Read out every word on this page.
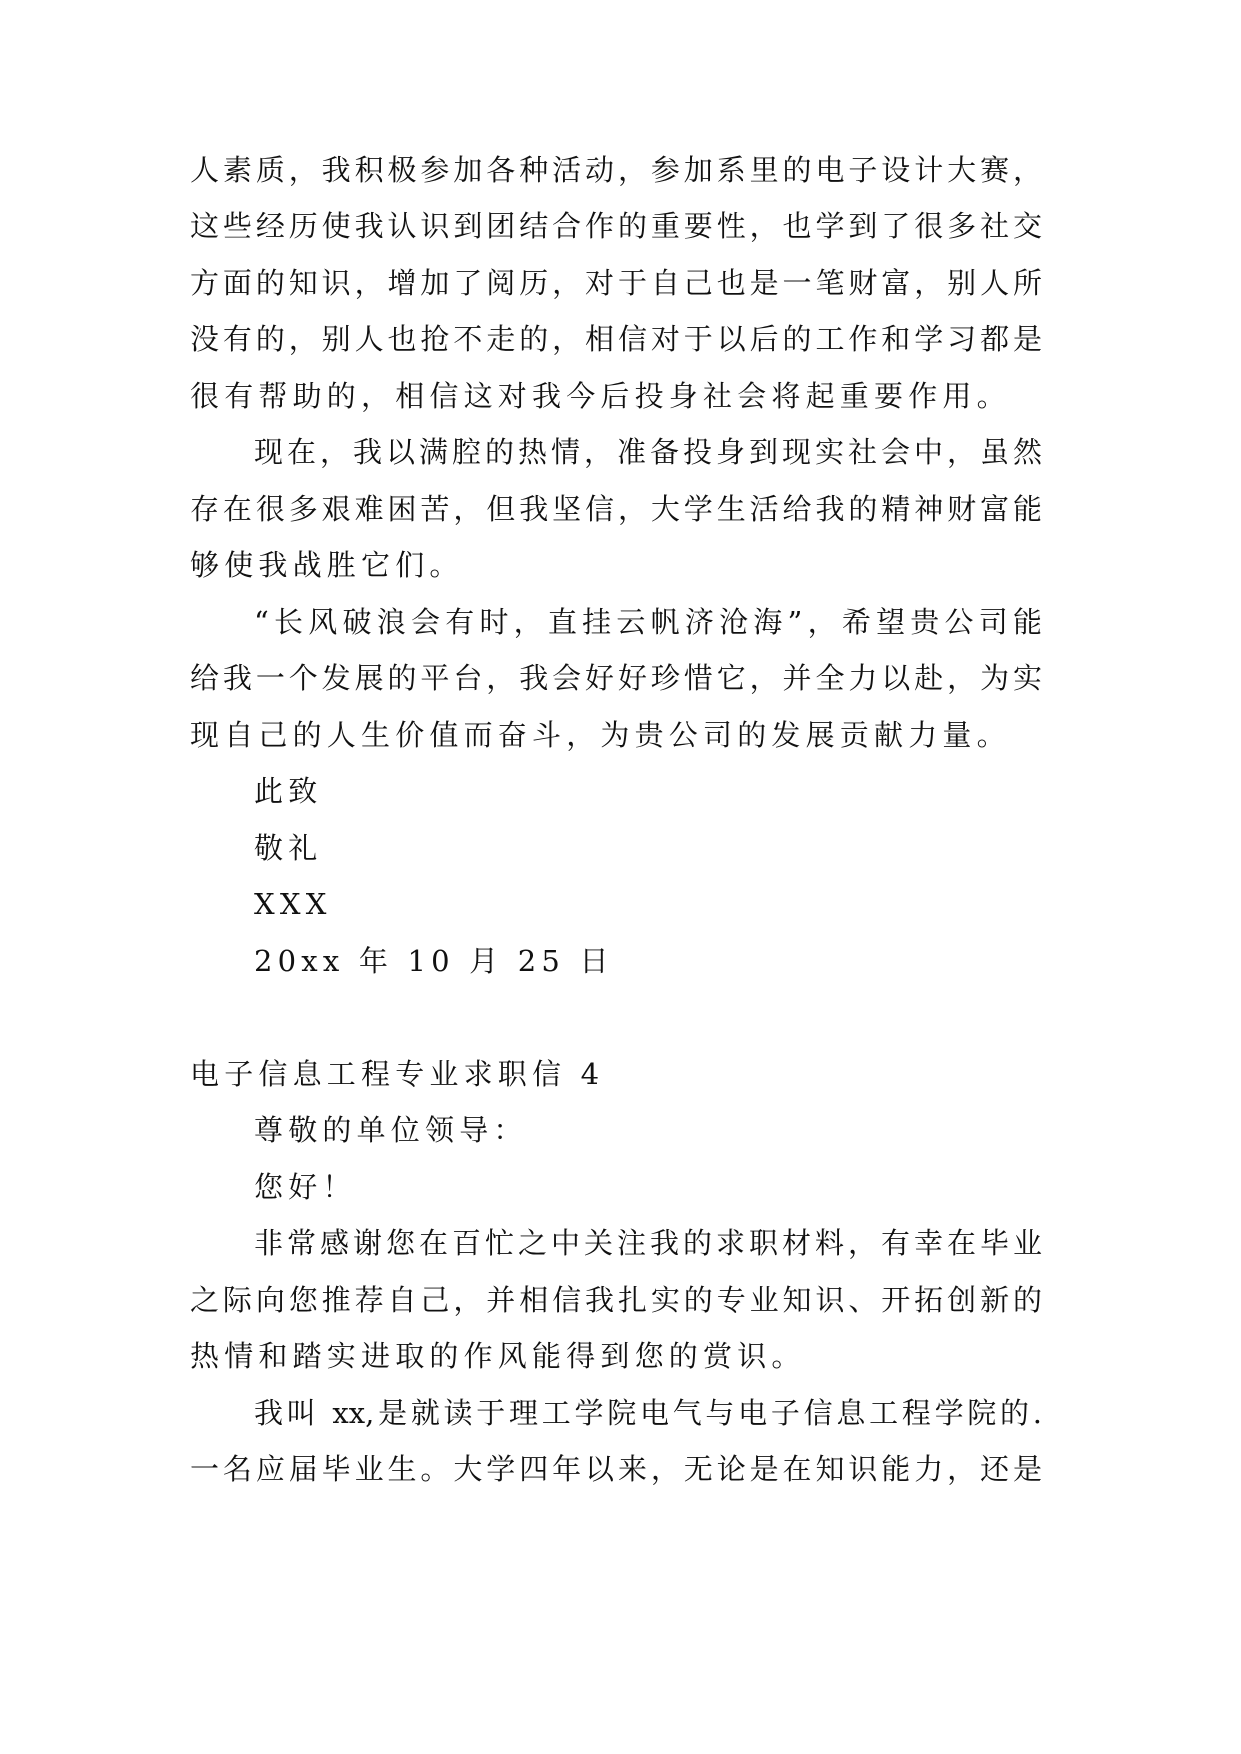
人素质，我积极参加各种活动，参加系里的电子设计大赛，
这些经历使我认识到团结合作的重要性，也学到了很多社交
方面的知识，增加了阅历，对于自己也是一笔财富，别人所
没有的，别人也抢不走的，相信对于以后的工作和学习都是
很有帮助的，相信这对我今后投身社会将起重要作用。
现在，我以满腔的热情，准备投身到现实社会中，虽然
存在很多艰难困苦，但我坚信，大学生活给我的精神财富能
够使我战胜它们。
“长风破浪会有时，直挂云帆济沧海”，希望贵公司能
给我一个发展的平台，我会好好珍惜它，并全力以赴，为实
现自己的人生价值而奋斗，为贵公司的发展贡献力量。
此致
敬礼
XXX
20xx 年 10 月 25 日
电子信息工程专业求职信 4
尊敬的单位领导：
您好！
非常感谢您在百忙之中关注我的求职材料，有幸在毕业
之际向您推荐自己，并相信我扎实的专业知识、开拓创新的
热情和踏实进取的作风能得到您的赏识。
我叫 xx,是就读于理工学院电气与电子信息工程学院的.
一名应届毕业生。大学四年以来，无论是在知识能力，还是
